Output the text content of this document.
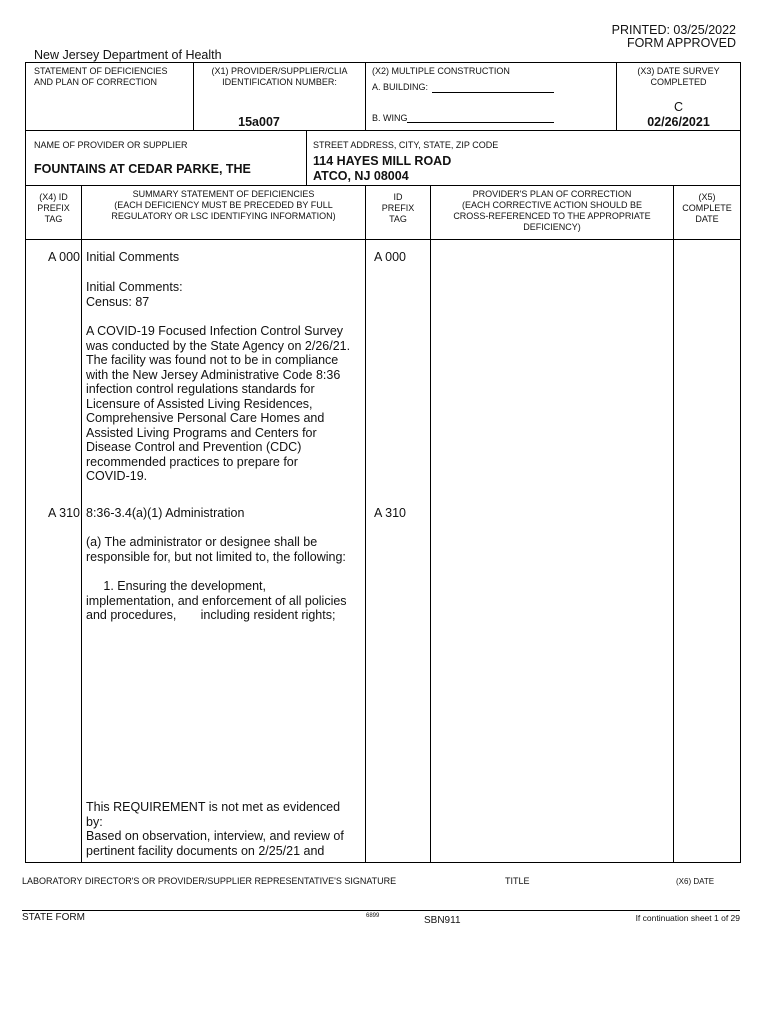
PRINTED: 03/25/2022
FORM APPROVED
New Jersey Department of Health
STATEMENT OF DEFICIENCIES
AND PLAN OF CORRECTION
(X1) PROVIDER/SUPPLIER/CLIA
IDENTIFICATION NUMBER:
15a007
(X2) MULTIPLE CONSTRUCTION
A. BUILDING:
B. WING
(X3) DATE SURVEY
COMPLETED
C
02/26/2021
NAME OF PROVIDER OR SUPPLIER
FOUNTAINS AT CEDAR PARKE, THE
STREET ADDRESS, CITY, STATE, ZIP CODE
114 HAYES MILL ROAD
ATCO, NJ 08004
(X4) ID
PREFIX
TAG
SUMMARY STATEMENT OF DEFICIENCIES
(EACH DEFICIENCY MUST BE PRECEDED BY FULL
REGULATORY OR LSC IDENTIFYING INFORMATION)
ID
PREFIX
TAG
PROVIDER'S PLAN OF CORRECTION
(EACH CORRECTIVE ACTION SHOULD BE
CROSS-REFERENCED TO THE APPROPRIATE
DEFICIENCY)
(X5)
COMPLETE
DATE
A 000 Initial Comments	A 000
Initial Comments:
Census: 87
A COVID-19 Focused Infection Control Survey
was conducted by the State Agency on 2/26/21.
The facility was found not to be in compliance
with the New Jersey Administrative Code 8:36
infection control regulations standards for
Licensure of Assisted Living Residences,
Comprehensive Personal Care Homes and
Assisted Living Programs and Centers for
Disease Control and Prevention (CDC)
recommended practices to prepare for
COVID-19.
A 310 8:36-3.4(a)(1) Administration	A 310
(a) The administrator or designee shall be
responsible for, but not limited to, the following:
1. Ensuring the development,
implementation, and enforcement of all policies
and procedures,       including resident rights;
This REQUIREMENT is not met as evidenced
by:
Based on observation, interview, and review of
pertinent facility documents on 2/25/21 and
LABORATORY DIRECTOR'S OR PROVIDER/SUPPLIER REPRESENTATIVE'S SIGNATURE	TITLE	(X6) DATE
STATE FORM	6899	SBN911	If continuation sheet 1 of 29
